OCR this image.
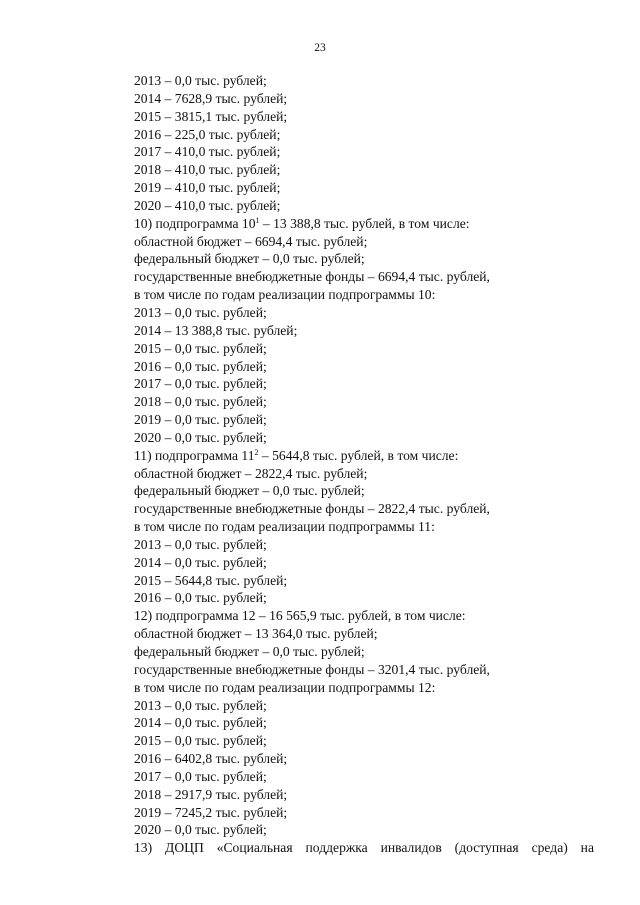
23
2013 – 0,0 тыс. рублей;
2014 – 7628,9 тыс. рублей;
2015 – 3815,1 тыс. рублей;
2016 – 225,0 тыс. рублей;
2017 – 410,0 тыс. рублей;
2018 – 410,0 тыс. рублей;
2019 – 410,0 тыс. рублей;
2020 – 410,0 тыс. рублей;
10) подпрограмма $10^1 - 13$ 388,8 тыс. рублей, в том числе:
областной бюджет – 6694,4 тыс. рублей;
федеральный бюджет – 0,0 тыс. рублей;
государственные внебюджетные фонды – 6694,4 тыс. рублей,
в том числе по годам реализации подпрограммы 10:
2013 – 0,0 тыс. рублей;
2014 – 13 388,8 тыс. рублей;
2015 – 0,0 тыс. рублей;
2016 – 0,0 тыс. рублей;
2017 – 0,0 тыс. рублей;
2018 – 0,0 тыс. рублей;
2019 – 0,0 тыс. рублей;
2020 – 0,0 тыс. рублей;
11) подпрограмма $11^2 - 5644,8$ тыс. рублей, в том числе:
областной бюджет – 2822,4 тыс. рублей;
федеральный бюджет – 0,0 тыс. рублей;
государственные внебюджетные фонды – 2822,4 тыс. рублей,
в том числе по годам реализации подпрограммы 11:
2013 – 0,0 тыс. рублей;
2014 – 0,0 тыс. рублей;
2015 – 5644,8 тыс. рублей;
2016 – 0,0 тыс. рублей;
12) подпрограмма 12 – 16 565,9 тыс. рублей, в том числе:
областной бюджет – 13 364,0 тыс. рублей;
федеральный бюджет – 0,0 тыс. рублей;
государственные внебюджетные фонды – 3201,4 тыс. рублей,
в том числе по годам реализации подпрограммы 12:
2013 – 0,0 тыс. рублей;
2014 – 0,0 тыс. рублей;
2015 – 0,0 тыс. рублей;
2016 – 6402,8 тыс. рублей;
2017 – 0,0 тыс. рублей;
2018 – 2917,9 тыс. рублей;
2019 – 7245,2 тыс. рублей;
2020 – 0,0 тыс. рублей;
13) ДОЦП «Социальная поддержка инвалидов (доступная среда) на
